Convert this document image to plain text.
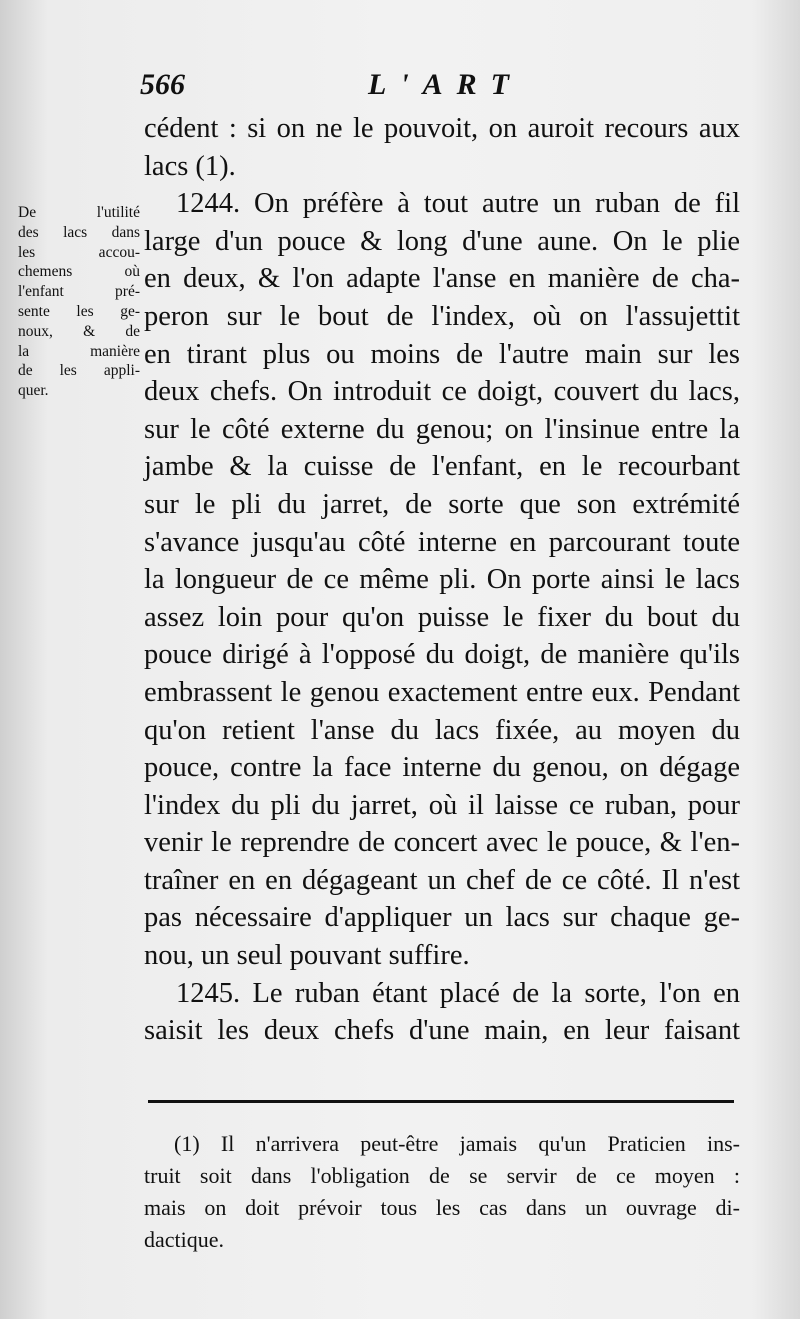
566	L'ART
De l'utilité
des lacs dans
les accou-
chemens où
l'enfant pré-
sente les ge-
noux, & de
la manière
de les appli-
quer.
cédent : si on ne le pouvoit, on auroit recours aux
lacs (1).
1244. On préfère à tout autre un ruban de fil
large d'un pouce & long d'une aune. On le plie
en deux, & l'on adapte l'anse en manière de cha-
peron sur le bout de l'index, où on l'assujettit
en tirant plus ou moins de l'autre main sur les
deux chefs. On introduit ce doigt, couvert du lacs,
sur le côté externe du genou; on l'insinue entre la
jambe & la cuisse de l'enfant, en le recourbant
sur le pli du jarret, de sorte que son extrémité
s'avance jusqu'au côté interne en parcourant toute
la longueur de ce même pli. On porte ainsi le lacs
assez loin pour qu'on puisse le fixer du bout du
pouce dirigé à l'opposé du doigt, de manière qu'ils
embrassent le genou exactement entre eux. Pendant
qu'on retient l'anse du lacs fixée, au moyen du
pouce, contre la face interne du genou, on dégage
l'index du pli du jarret, où il laisse ce ruban, pour
venir le reprendre de concert avec le pouce, & l'en-
traîner en en dégageant un chef de ce côté. Il n'est
pas nécessaire d'appliquer un lacs sur chaque ge-
nou, un seul pouvant suffire.
1245. Le ruban étant placé de la sorte, l'on en
saisit les deux chefs d'une main, en leur faisant
(1) Il n'arrivera peut-être jamais qu'un Praticien ins-
truit soit dans l'obligation de se servir de ce moyen :
mais on doit prévoir tous les cas dans un ouvrage di-
dactique.
